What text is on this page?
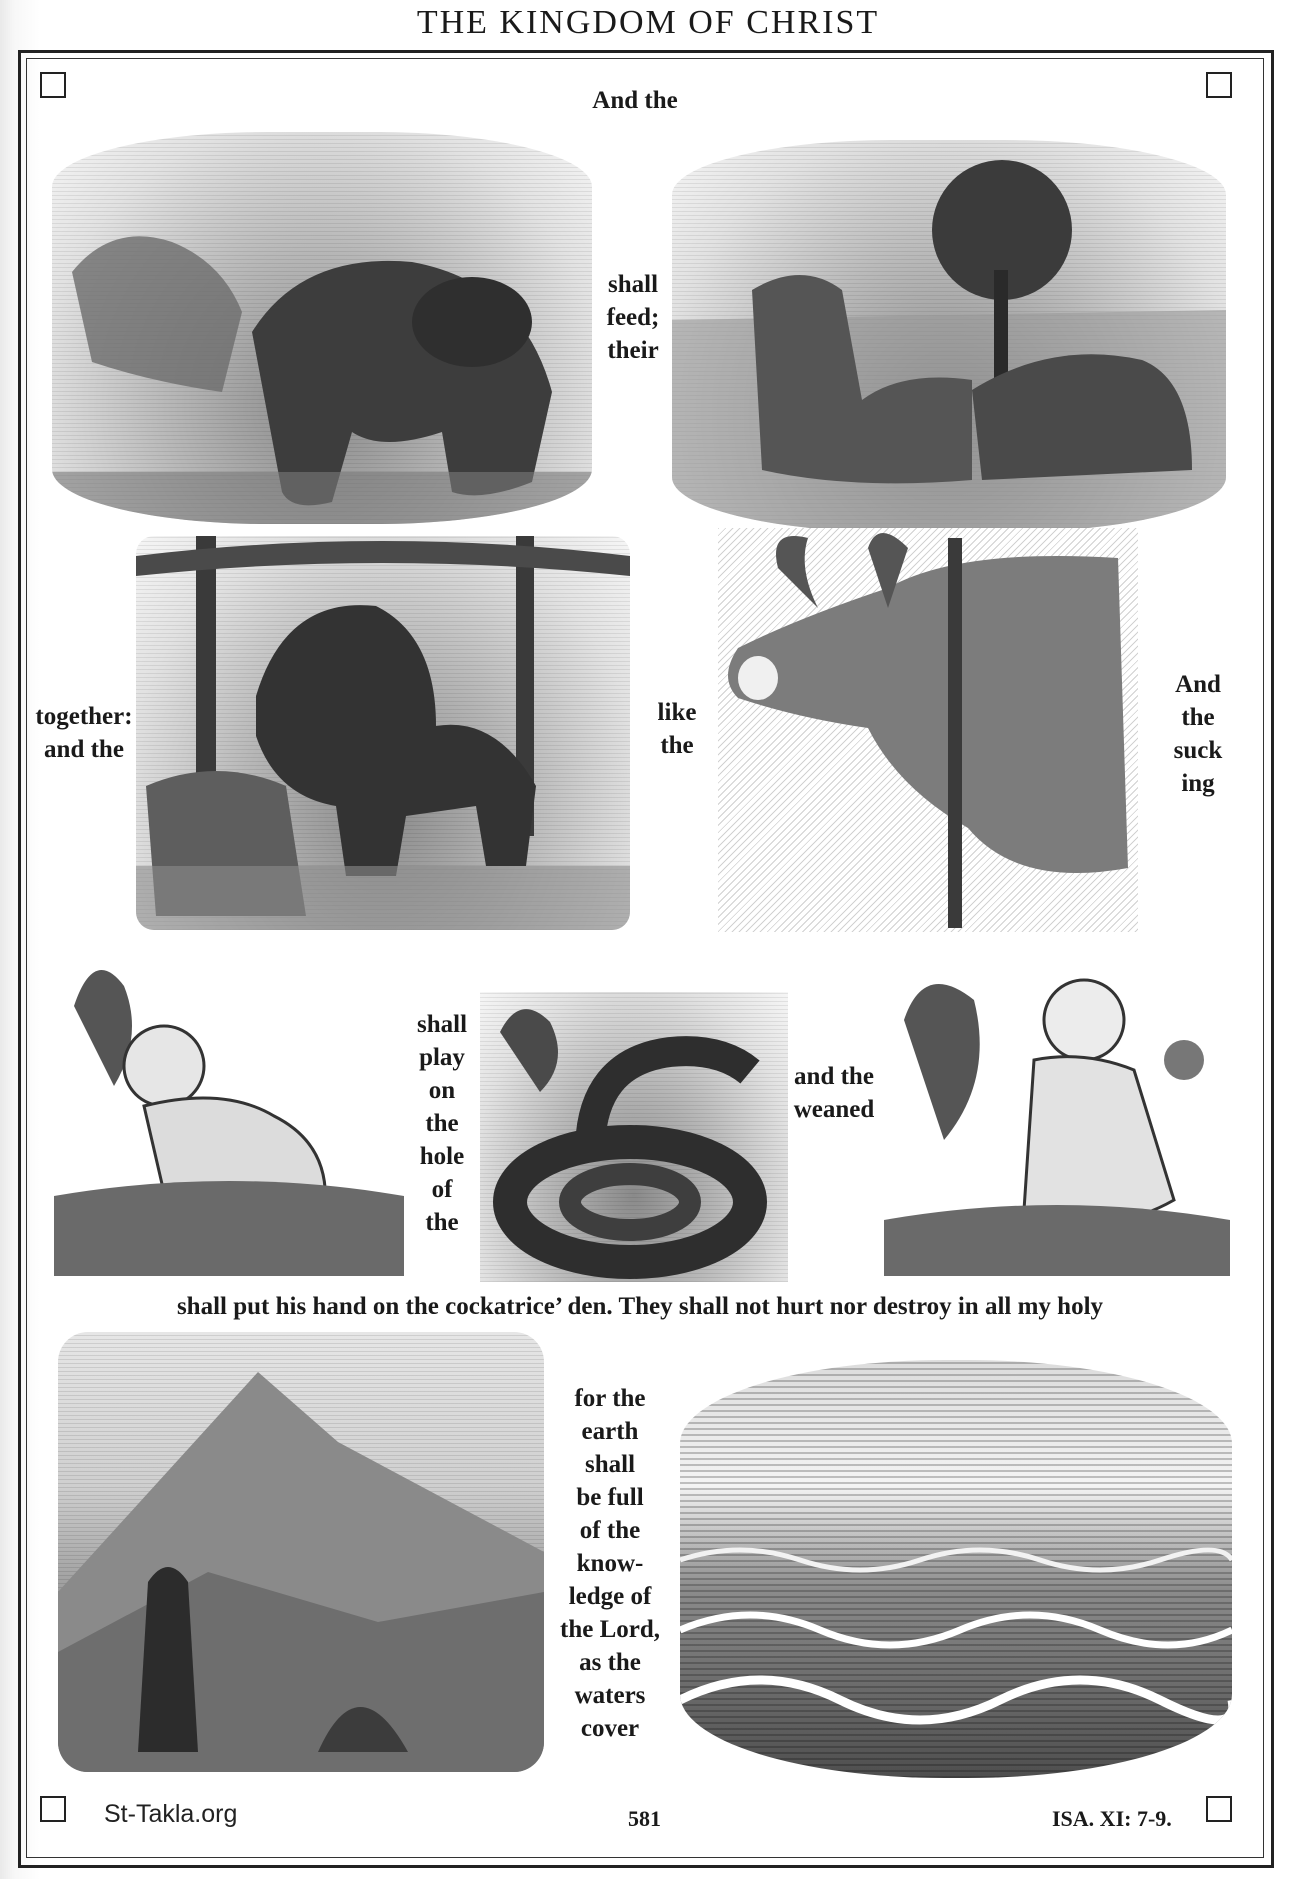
THE KINGDOM OF CHRIST
And the
shall
feed;
their
together:
and the
like
the
And
the
suck
ing
shall
play
on
the
hole
of
the
and the
weaned
shall put his hand on the cockatrice’ den. They shall not hurt nor destroy in all my holy
for the
earth
shall
be full
of the
know-
ledge of
the Lord,
as the
waters
cover
St-Takla.org	581	ISA. XI: 7-9.
